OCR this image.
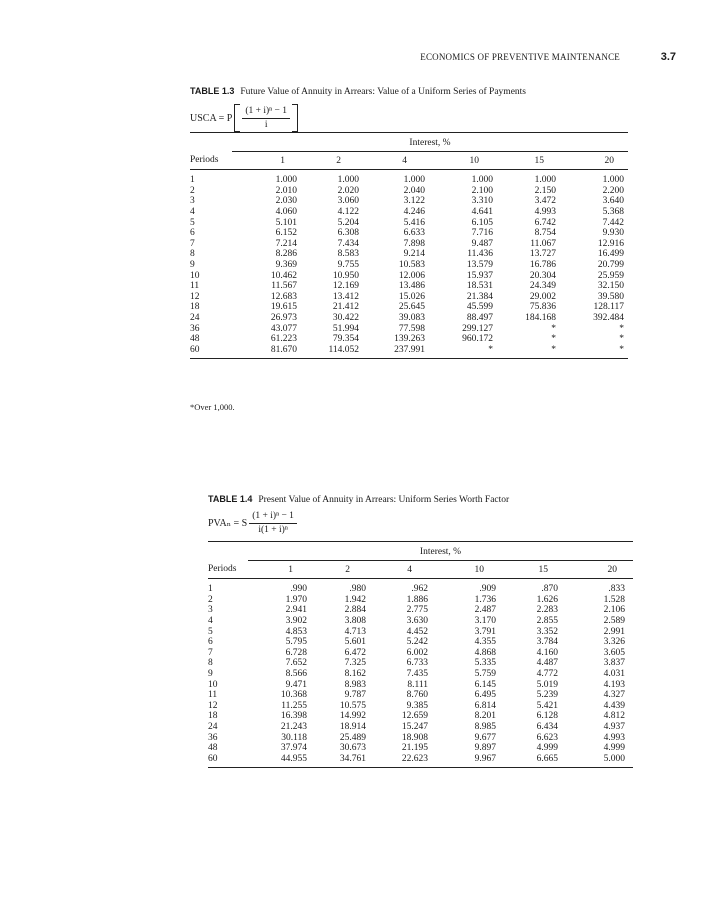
ECONOMICS OF PREVENTIVE MAINTENANCE	3.7
TABLE 1.3 Future Value of Annuity in Arrears: Value of a Uniform Series of Payments
USCA = P $\frac{\text{(1 + i)ⁿ − 1}}{i}$
	Interest, %					
Periods	1	2	4	10	15	20
1	1.000	1.000	1.000	1.000	1.000	1.000
2	2.010	2.020	2.040	2.100	2.150	2.200
3	2.030	3.060	3.122	3.310	3.472	3.640
4	4.060	4.122	4.246	4.641	4.993	5.368
5	5.101	5.204	5.416	6.105	6.742	7.442
6	6.152	6.308	6.633	7.716	8.754	9.930
7	7.214	7.434	7.898	9.487	11.067	12.916
8	8.286	8.583	9.214	11.436	13.727	16.499
9	9.369	9.755	10.583	13.579	16.786	20.799
10	10.462	10.950	12.006	15.937	20.304	25.959
11	11.567	12.169	13.486	18.531	24.349	32.150
12	12.683	13.412	15.026	21.384	29.002	39.580
18	19.615	21.412	25.645	45.599	75.836	128.117
24	26.973	30.422	39.083	88.497	184.168	392.484
36	43.077	51.994	77.598	299.127	*	*
48	61.223	79.354	139.263	960.172	*	*
60	81.670	114.052	237.991	*	*	*
*Over 1,000.
TABLE 1.4 Present Value of Annuity in Arrears: Uniform Series Worth Factor
PVAₙ = S $\frac{\text{(1 + i)ⁿ − 1}}{\text{i(1 + i)ⁿ}}$
	Interest, %					
Periods	1	2	4	10	15	20
1	.990	.980	.962	.909	.870	.833
2	1.970	1.942	1.886	1.736	1.626	1.528
3	2.941	2.884	2.775	2.487	2.283	2.106
4	3.902	3.808	3.630	3.170	2.855	2.589
5	4.853	4.713	4.452	3.791	3.352	2.991
6	5.795	5.601	5.242	4.355	3.784	3.326
7	6.728	6.472	6.002	4.868	4.160	3.605
8	7.652	7.325	6.733	5.335	4.487	3.837
9	8.566	8.162	7.435	5.759	4.772	4.031
10	9.471	8.983	8.111	6.145	5.019	4.193
11	10.368	9.787	8.760	6.495	5.239	4.327
12	11.255	10.575	9.385	6.814	5.421	4.439
18	16.398	14.992	12.659	8.201	6.128	4.812
24	21.243	18.914	15.247	8.985	6.434	4.937
36	30.118	25.489	18.908	9.677	6.623	4.993
48	37.974	30.673	21.195	9.897	4.999	4.999
60	44.955	34.761	22.623	9.967	6.665	5.000
